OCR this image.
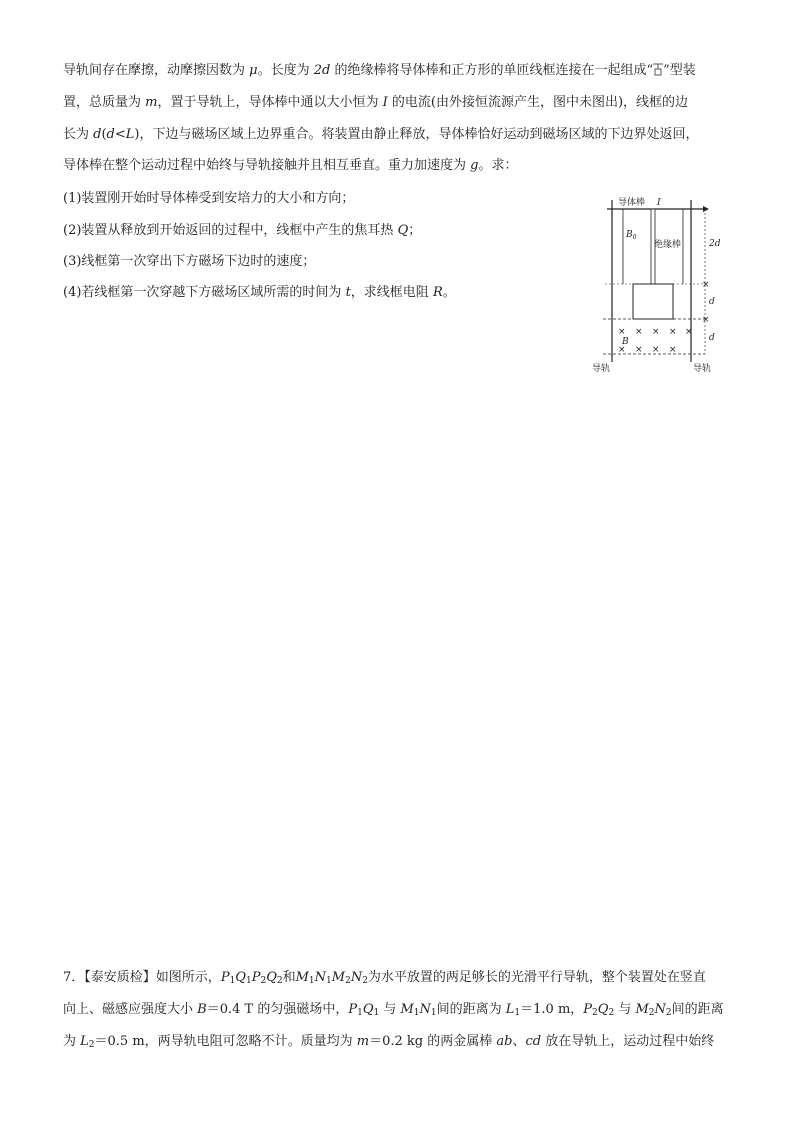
导轨间存在摩擦，动摩擦因数为 μ。长度为 2d 的绝缘棒将导体棒和正方形的单匝线框连接在一起组成“ ”型装
置，总质量为 m，置于导轨上，导体棒中通以大小恒为 I 的电流(由外接恒流源产生，图中未图出)，线框的边
长为 d(d<L)，下边与磁场区域上边界重合。将装置由静止释放，导体棒恰好运动到磁场区域的下边界处返回，
导体棒在整个运动过程中始终与导轨接触并且相互垂直。重力加速度为 g。求：
(1)装置刚开始时导体棒受到安培力的大小和方向；
(2)装置从释放到开始返回的过程中，线框中产生的焦耳热 Q；
(3)线框第一次穿出下方磁场下边时的速度；
(4)若线框第一次穿越下方磁场区域所需的时间为 t，求线框电阻 R。
× × × ×
× × ×
×
×
×
×
导体棒 I
$B_0$
绝缘棒	2d
d
d
B
导轨	导轨
7．【泰安质检】如图所示，$P_1Q_1P_2Q_2$和$M_1N_1M_2N_2$为水平放置的两足够长的光滑平行导轨，整个装置处在竖直
向上、磁感应强度大小 B＝0.4 T 的匀强磁场中，$P_1Q_1$ 与 $M_1N_1$间的距离为 $L_1=1.0$ m，$P_2Q_2$ 与 $M_2N_2$间的距离
为 $L_2=0.5$ m，两导轨电阻可忽略不计。质量均为 m＝0.2 kg 的两金属棒 ab、cd 放在导轨上，运动过程中始终
